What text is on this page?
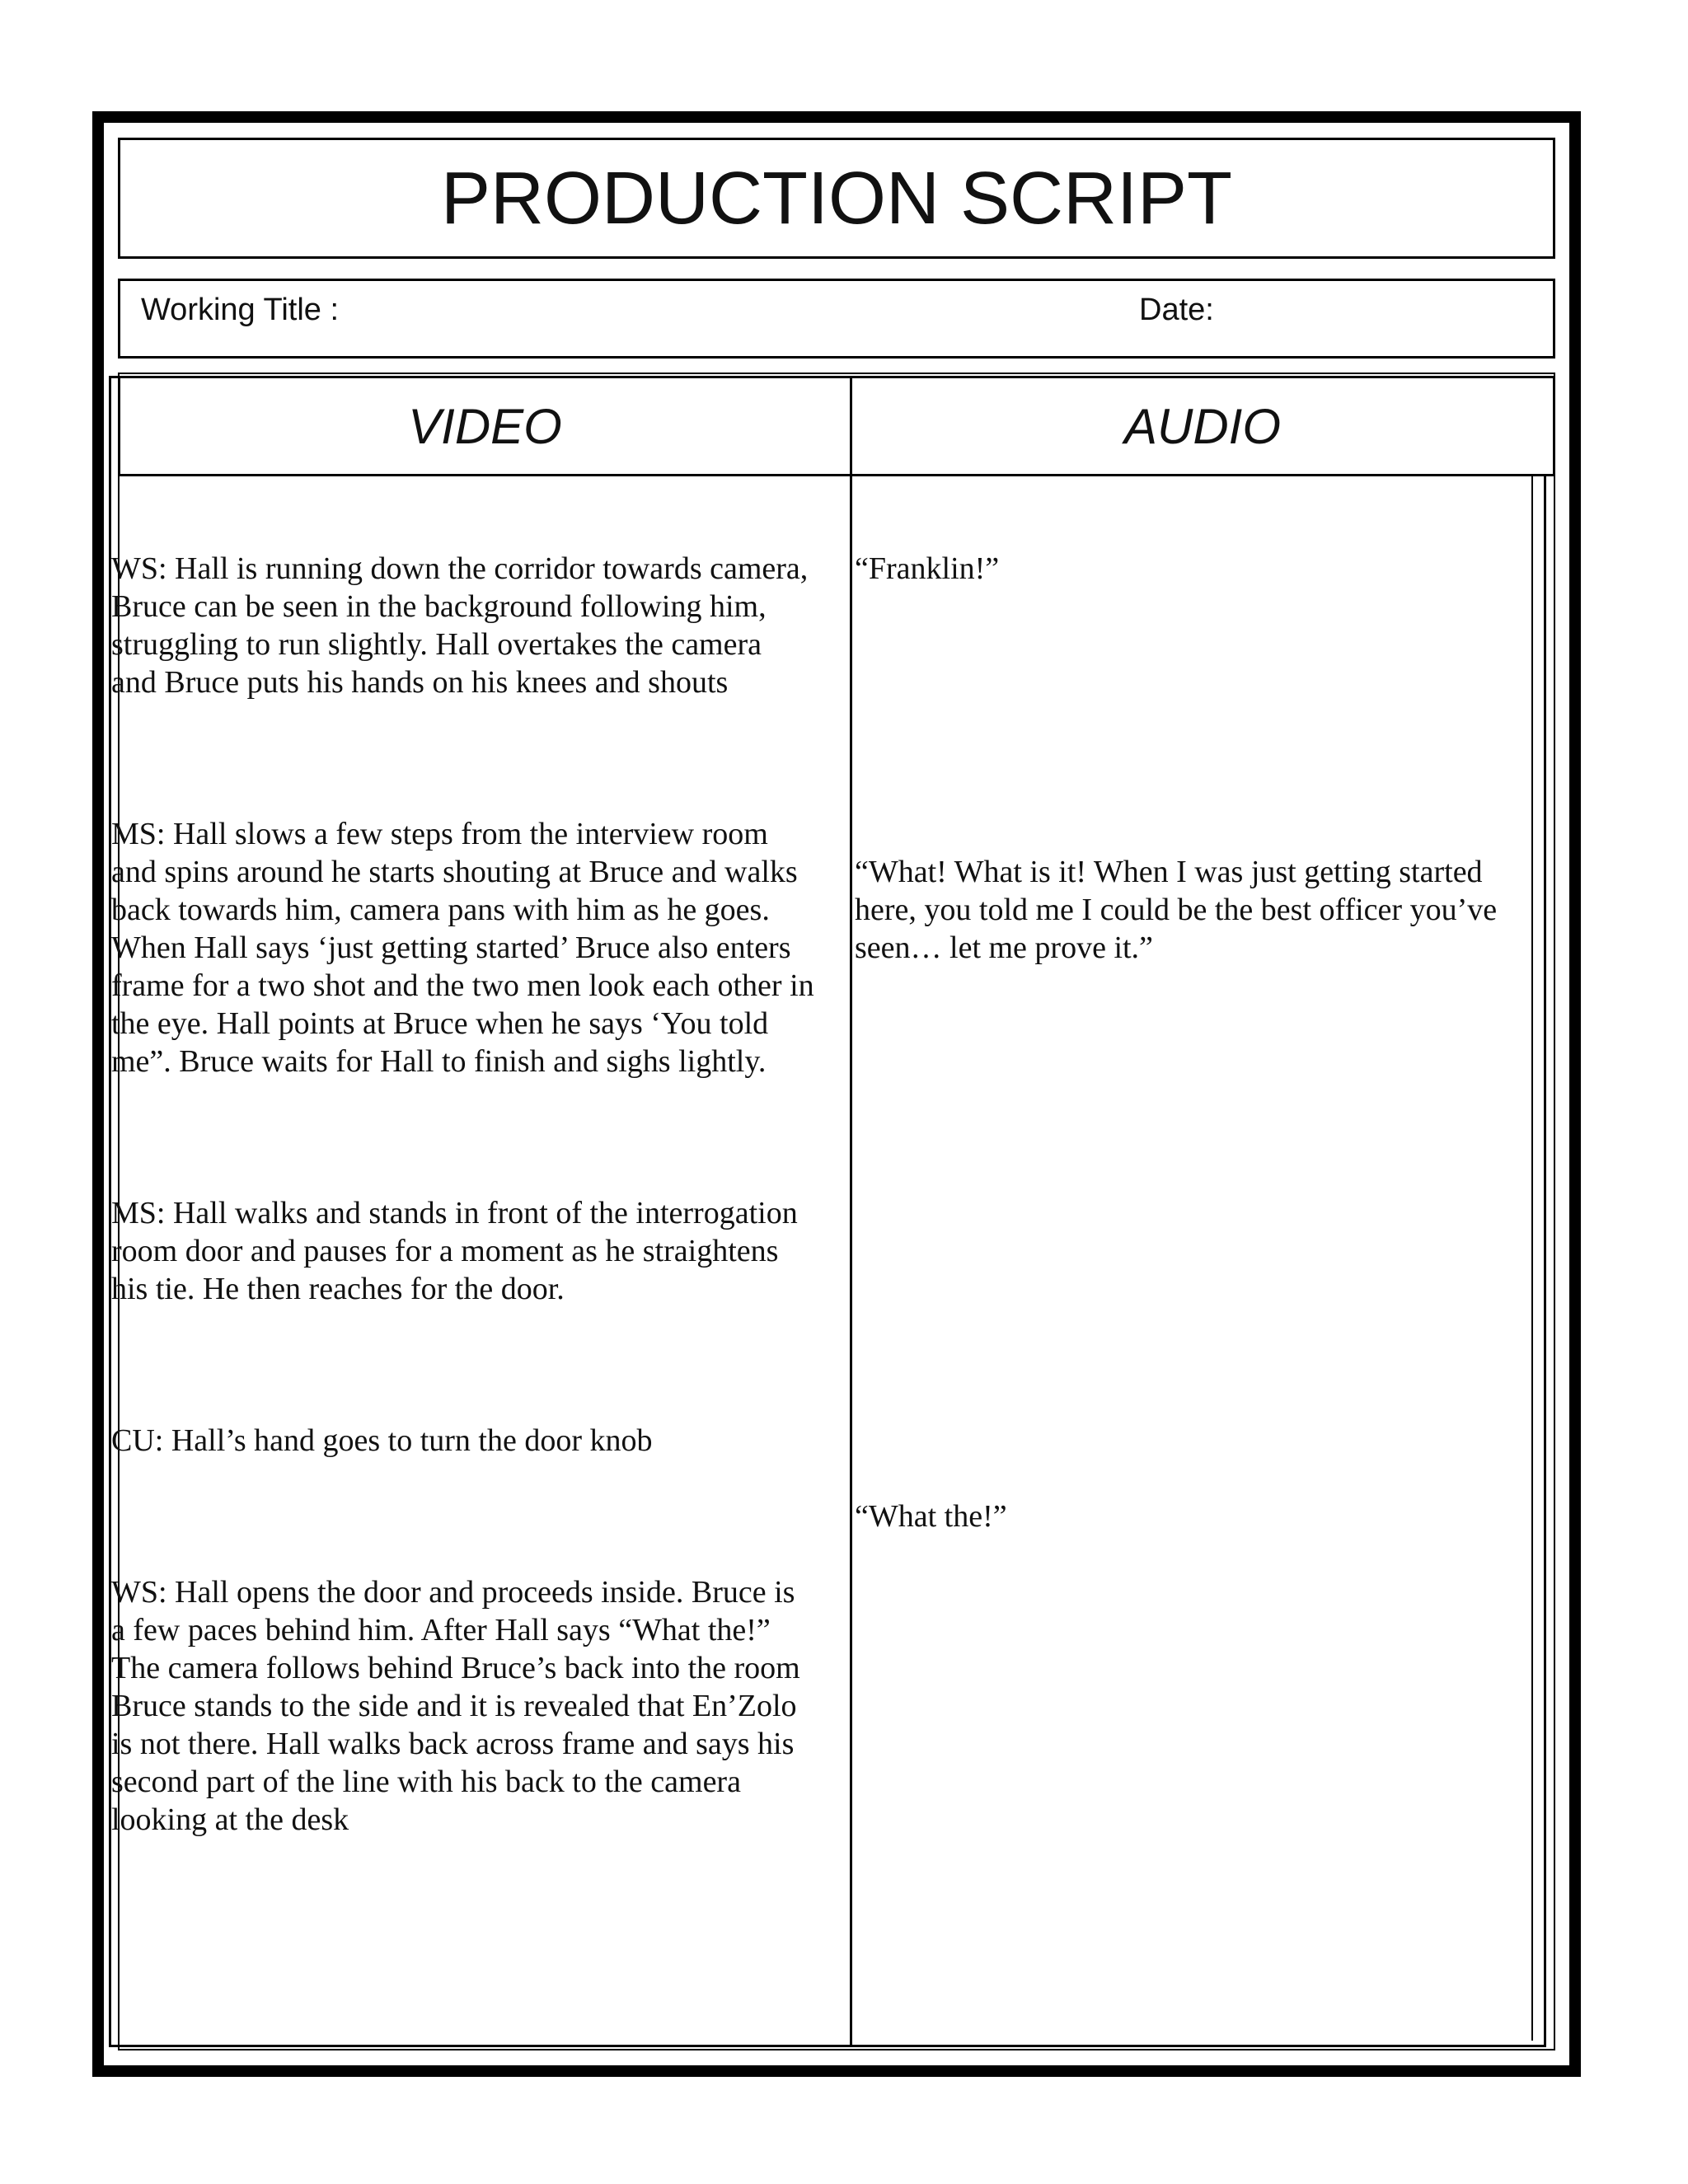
PRODUCTION SCRIPT
Working Title :	Date:
VIDEO	AUDIO

WS: Hall is running down the corridor towards camera,
Bruce can be seen in the background following him,
struggling to run slightly. Hall overtakes the camera
and Bruce puts his hands on his knees and shouts

MS: Hall slows a few steps from the interview room
and spins around he starts shouting at Bruce and walks
back towards him, camera pans with him as he goes.
When Hall says ‘just getting started’ Bruce also enters
frame for a two shot and the two men look each other in
the eye. Hall points at Bruce when he says ‘You told
me”. Bruce waits for Hall to finish and sighs lightly.

MS: Hall walks and stands in front of the interrogation
room door and pauses for a moment as he straightens
his tie. He then reaches for the door.

CU: Hall’s hand goes to turn the door knob

WS: Hall opens the door and proceeds inside. Bruce is
a few paces behind him. After Hall says “What the!”
The camera follows behind Bruce’s back into the room
Bruce stands to the side and it is revealed that En’Zolo
is not there. Hall walks back across frame and says his
second part of the line with his back to the camera
looking at the desk

“Franklin!”

“What! What is it! When I was just getting started
here, you told me I could be the best officer you’ve
seen… let me prove it.”

“What the!”
